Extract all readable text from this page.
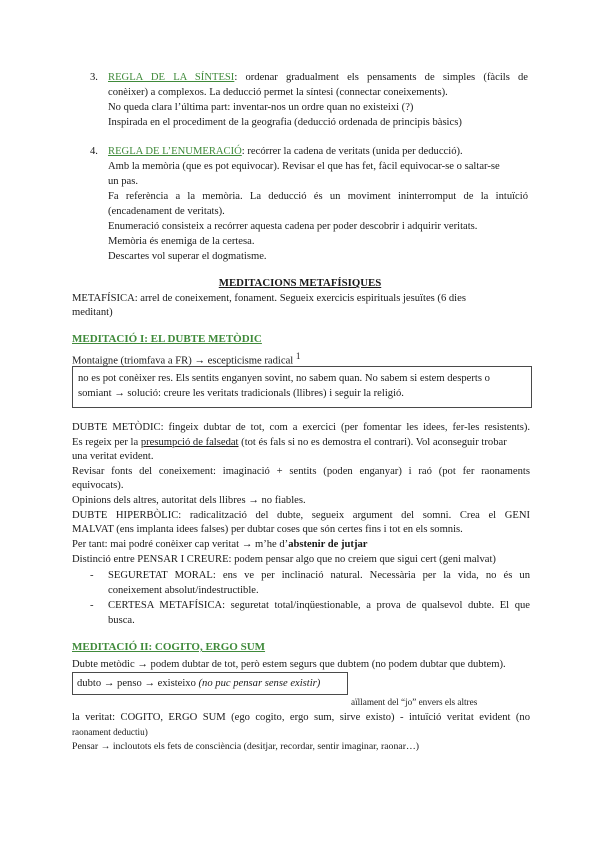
3. REGLA DE LA SÍNTESI: ordenar gradualment els pensaments de simples (fàcils de
conèixer) a complexos. La deducció permet la síntesi (connectar coneixements).
No queda clara l’última part: inventar-nos un ordre quan no existeixi (?)
Inspirada en el procediment de la geografia (deducció ordenada de principis bàsics)
4. REGLA DE L’ENUMERACIÓ: recórrer la cadena de veritats (unida per deducció).
Amb la memòria (que es pot equivocar). Revisar el que has fet, fàcil equivocar-se o saltar-se
un pas.
Fa referència a la memòria. La deducció és un moviment ininterromput de la intuïció
(encadenament de veritats).
Enumeració consisteix a recórrer aquesta cadena per poder descobrir i adquirir veritats.
Memòria és enemiga de la certesa.
Descartes vol superar el dogmatisme.
MEDITACIONS METAFÍSIQUES
METAFÍSICA: arrel de coneixement, fonament. Segueix exercicis espirituals jesuïtes (6 dies
meditant)
MEDITACIÓ I: EL DUBTE METÒDIC
Montaigne (triomfava a FR) → escepticisme radical $^1$
no es pot conèixer res. Els sentits enganyen sovint, no sabem quan. No sabem si estem desperts o
somiant → solució: creure les veritats tradicionals (llibres) i seguir la religió.
DUBTE METÒDIC: fingeix dubtar de tot, com a exercici (per fomentar les idees, fer-les resistents).
Es regeix per la presumpció de falsedat (tot és fals si no es demostra el contrari). Vol aconseguir trobar
una veritat evident.
Revisar fonts del coneixement: imaginació + sentits (poden enganyar) i raó (pot fer raonaments
equivocats).
Opinions dels altres, autoritat dels llibres → no fiables.
DUBTE HIPERBÒLIC: radicalització del dubte, segueix argument del somni. Crea el GENI
MALVAT (ens implanta idees falses) per dubtar coses que són certes fins i tot en els somnis.
Per tant: mai podré conèixer cap veritat → m’he d’abstenir de jutjar
Distinció entre PENSAR I CREURE: podem pensar algo que no creiem que sigui cert (geni malvat)
- SEGURETAT MORAL: ens ve per inclinació natural. Necessària per la vida, no és un
coneixement absolut/indestructible.
- CERTESA METAFÍSICA: seguretat total/inqüestionable, a prova de qualsevol dubte. El que
busca.
MEDITACIÓ II: COGITO, ERGO SUM
Dubte metòdic → podem dubtar de tot, però estem segurs que dubtem (no podem dubtar que dubtem).
dubto → penso → existeixo (no puc pensar sense existir)
aïllament del “jo” envers els altres
la veritat: COGITO, ERGO SUM (ego cogito, ergo sum, sirve existo) - intuïció veritat evident (no
raonament deductiu)
Pensar → incloutots els fets de consciència (desitjar, recordar, sentir imaginar, raonar…)
